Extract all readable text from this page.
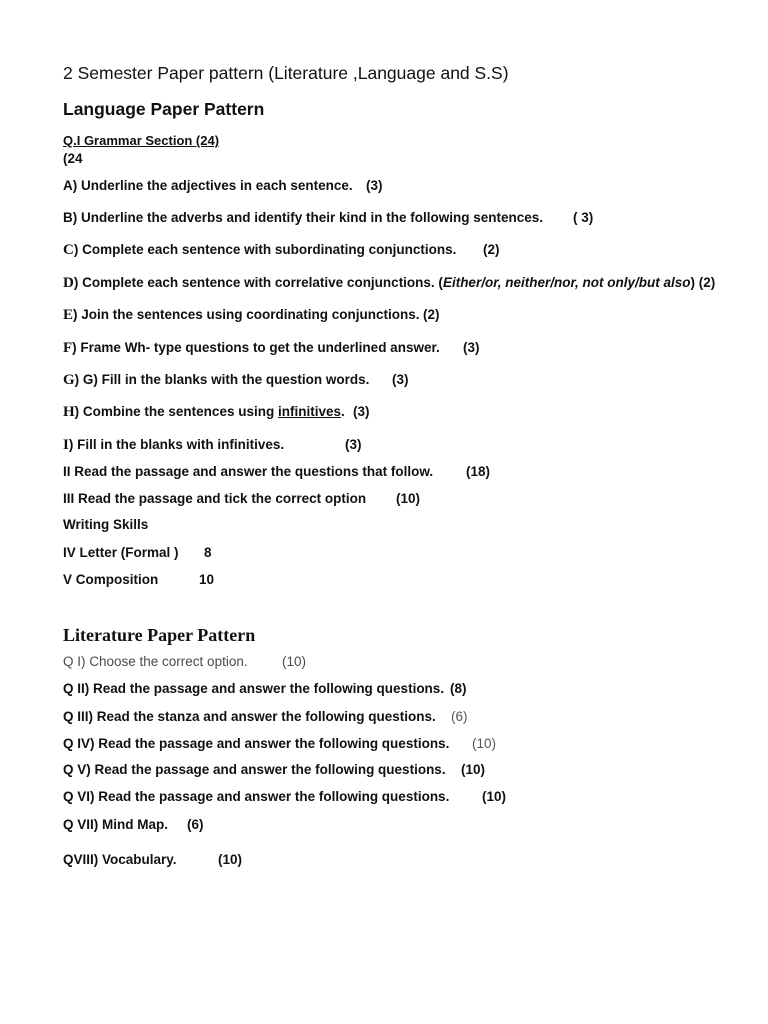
2 Semester Paper pattern (Literature ,Language and S.S)
Language Paper Pattern
Q.I Grammar Section (24)
(24
A) Underline the adjectives in each sentence. (3)
B) Underline the adverbs and identify their kind in the following sentences. ( 3)
C) Complete each sentence with subordinating conjunctions. (2)
D) Complete each sentence with correlative conjunctions. (Either/or, neither/nor, not only/but also) (2)
E) Join the sentences using coordinating conjunctions. (2)
F) Frame Wh- type questions to get the underlined answer. (3)
G) G) Fill in the blanks with the question words. (3)
H) Combine the sentences using infinitives. (3)
I) Fill in the blanks with infinitives.	(3)
II Read the passage and answer the questions that follow. (18)
III Read the passage and tick the correct option (10)
Writing Skills
IV Letter (Formal ) 8
V Composition	10
Literature Paper Pattern
Q I) Choose the correct option.	(10)
Q II) Read the passage and answer the following questions. (8)
Q III) Read the stanza and answer the following questions. (6)
Q IV) Read the passage and answer the following questions. (10)
Q V) Read the passage and answer the following questions. (10)
Q VI) Read the passage and answer the following questions. (10)
Q VII) Mind Map. (6)
QVIII) Vocabulary.	(10)
